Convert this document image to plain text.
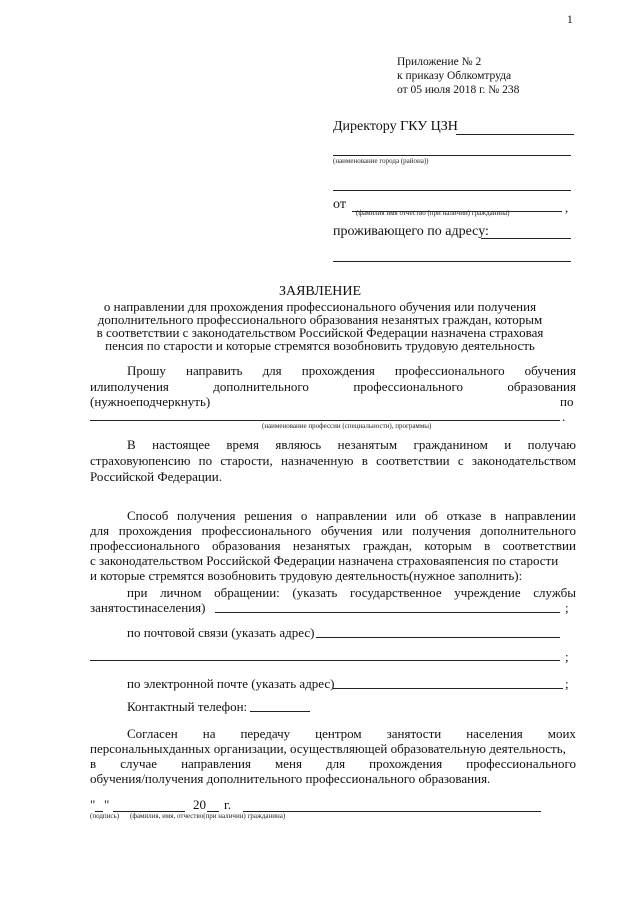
1
Приложение № 2
к приказу Облкомтруда
от 05 июля 2018 г. № 238
Директору ГКУ ЦЗН
(наименование города (района))
от
(фамилия имя отчество (при наличии) гражданина)	,
проживающего по адресу:
ЗАЯВЛЕНИЕ
о направлении для прохождения профессионального обучения или получения
дополнительного профессионального образования незанятых граждан, которым
в соответствии с законодательством Российской Федерации назначена страховая
пенсия по старости и которые стремятся возобновить трудовую деятельность
Прошу направить для прохождения профессионального обучения
илиполучения	дополнительного	профессионального	образования
(нужноеподчеркнуть)	по
.
(наименование профессии (специальности), программы)
В настоящее время являюсь незанятым гражданином и получаю
страховуюпенсию по старости, назначенную в соответствии с законодательством
Российской Федерации.
Способ получения решения о направлении или об отказе в направлении
для прохождения профессионального обучения или получения дополнительного
профессионального образования незанятых граждан, которым в соответствии
с законодательством Российской Федерации назначена страховаяпенсия по старости
и которые стремятся возобновить трудовую деятельность(нужное заполнить):
при личном обращении: (указать государственное учреждение службы
занятостинаселения)	;
по почтовой связи (указать адрес)
;
по электронной почте (указать адрес)	;
Контактный телефон:
Согласен на передачу центром занятости населения моих
персональныхданных организации, осуществляющей образовательную деятельность,
в случае направления меня для прохождения профессионального
обучения/получения дополнительного профессионального образования.
" "	20 г.
(подпись) (фамилия, имя, отчество(при наличии) гражданина)
